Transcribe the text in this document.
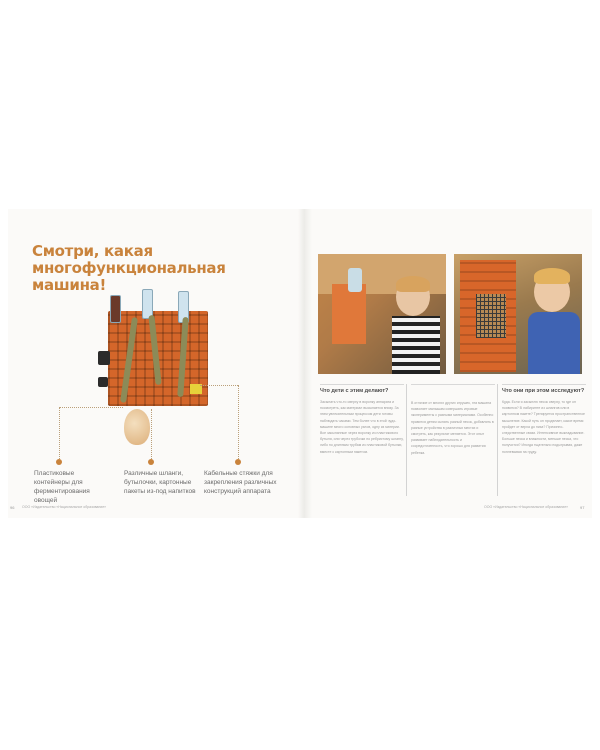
Смотри, какая многофункциональная машина!

Пластиковые контейнеры для ферментирования овощей

Различные шланги, бутылочки, картонные пакеты из-под напитков

Кабельные стяжки для закрепления различных конструкций аппарата

96 ООО «Издательство «Национальное образование»

Что дети с этим делают?

Засыпать что-то сверху в воронку аппарата и посмотреть, как материал высыпается внизу. За этим увлекательным процессом дети готовы наблюдать часами. Тем более что в этой чудо-машине много основных узлов, одну из материи. Все засыпанные через воронку из пластикового бутыля, или через трубочки по ребристому шлангу, либо по длинным трубам из пластиковой бутылки, вместе с картонным пакетом.

В отличие от многих других игрушек, эта машина позволяет малышам совершать игровые эксперименты с разными материалами. Особенно нравится детям сыпать разный песок, добавлять в разные устройства в различных местах и смотреть, как результат меняется. Этот опыт развивает наблюдательность и сосредоточенность, что хорошо для развития ребенка.

Что они при этом исследуют?

Куда. Если я засыплю песок сверху, то где он появится? В лабиринте из шлангов или в картонном пакете? Тренируется пространственное мышление. Какой путь он проделает, какое время пройдет от верха до низа? Причинно-следственные связи. Интенсивное выкладывание. Больше песка и влажности, меньше песка, что получится? Иногда тщательно подыгрывая, даже поплевывая на груду.

ООО «Издательство «Национальное образование»	97
